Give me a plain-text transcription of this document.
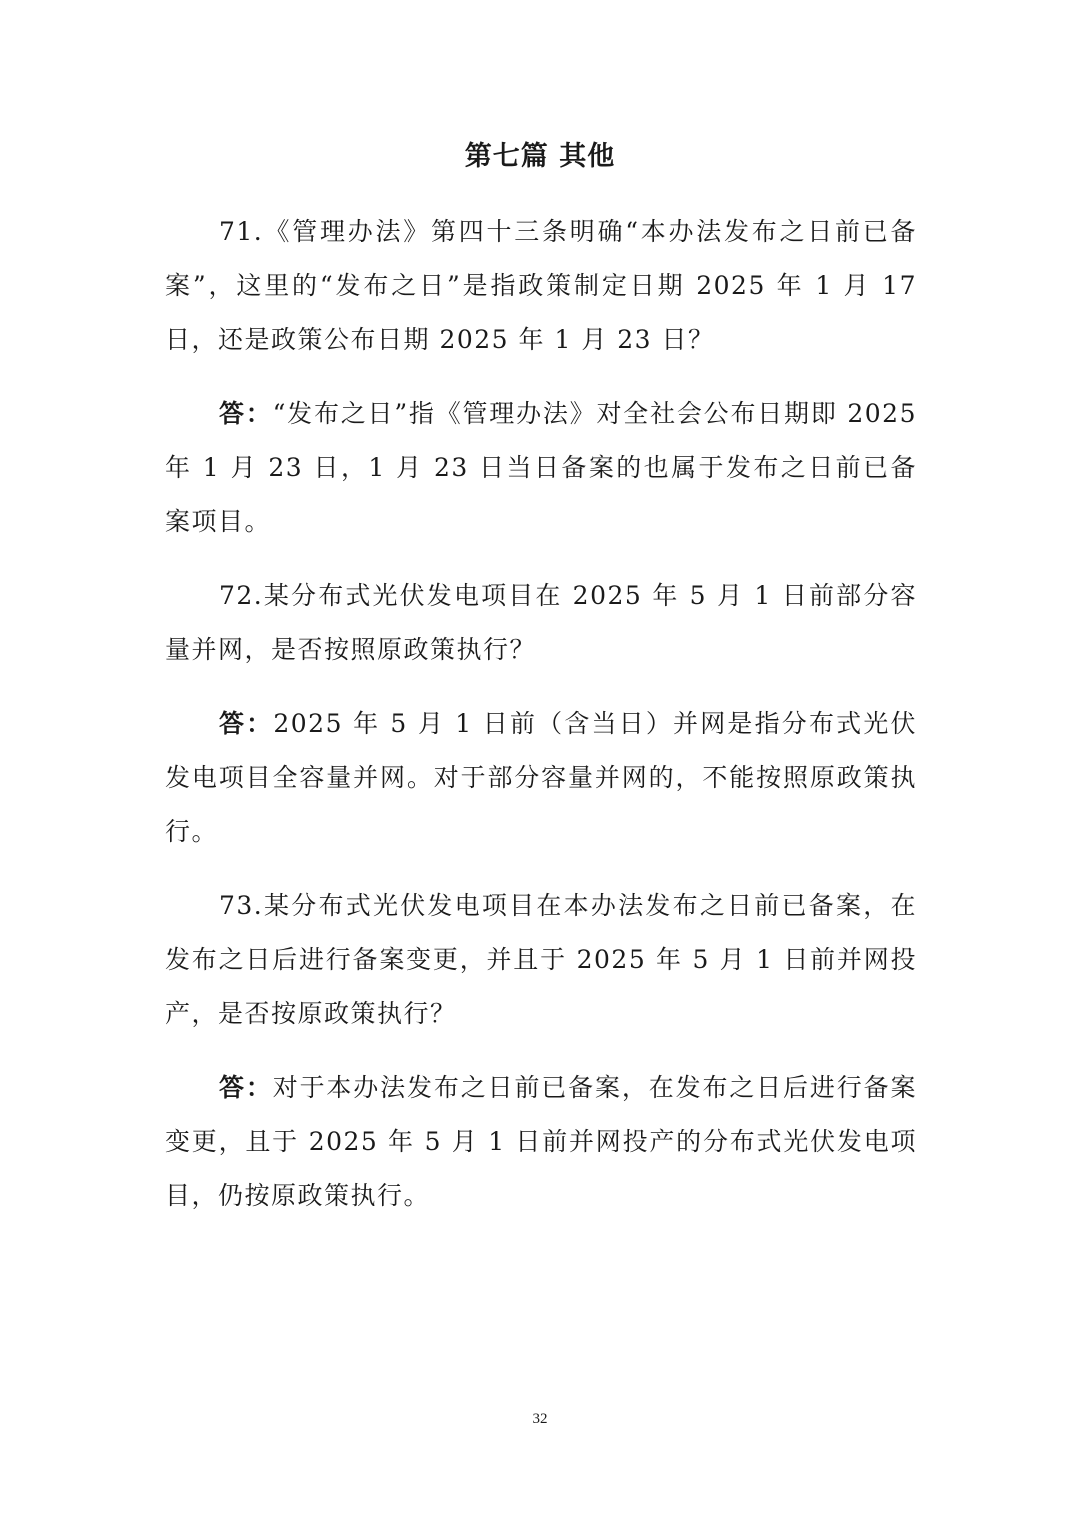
第七篇 其他

71.《管理办法》第四十三条明确“本办法发布之日前已备案”，这里的“发布之日”是指政策制定日期 2025 年 1 月 17 日，还是政策公布日期 2025 年 1 月 23 日？

答：“发布之日”指《管理办法》对全社会公布日期即 2025 年 1 月 23 日，1 月 23 日当日备案的也属于发布之日前已备案项目。

72.某分布式光伏发电项目在 2025 年 5 月 1 日前部分容量并网，是否按照原政策执行？

答：2025 年 5 月 1 日前（含当日）并网是指分布式光伏发电项目全容量并网。对于部分容量并网的，不能按照原政策执行。

73.某分布式光伏发电项目在本办法发布之日前已备案，在发布之日后进行备案变更，并且于 2025 年 5 月 1 日前并网投产，是否按原政策执行？

答：对于本办法发布之日前已备案，在发布之日后进行备案变更，且于 2025 年 5 月 1 日前并网投产的分布式光伏发电项目，仍按原政策执行。

32
